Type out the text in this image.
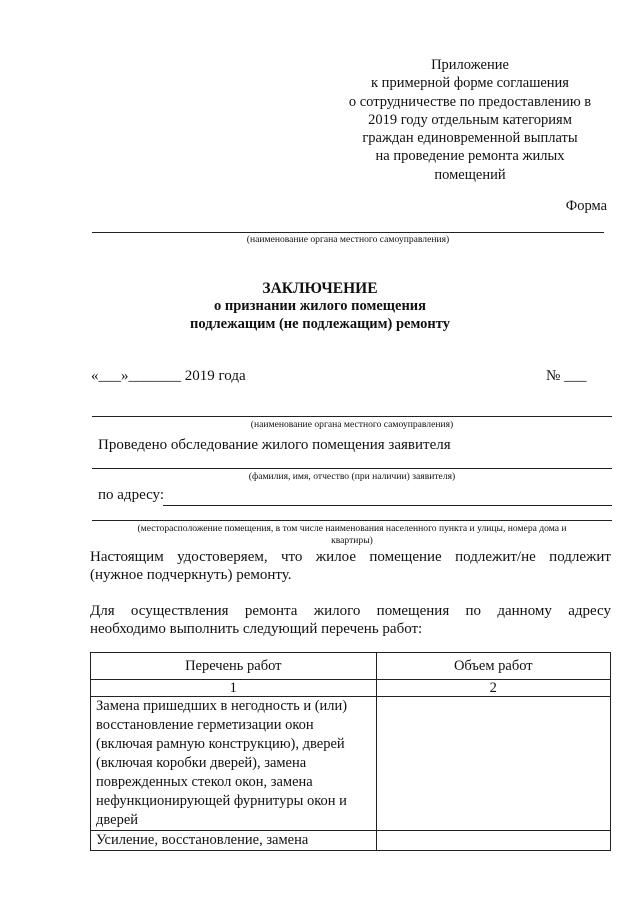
Приложение
к примерной форме соглашения
о сотрудничестве по предоставлению в
2019 году отдельным категориям
граждан единовременной выплаты
на проведение ремонта жилых
помещений
Форма
(наименование органа местного самоуправления)
ЗАКЛЮЧЕНИЕ
о признании жилого помещения
подлежащим (не подлежащим) ремонту
«___»_______ 2019 года	№ ___
(наименование органа местного самоуправления)
Проведено обследование жилого помещения заявителя
(фамилия, имя, отчество (при наличии) заявителя)
по адресу:
(месторасположение помещения, в том числе наименования населенного пункта и улицы, номера дома и
квартиры)
Настоящим удостоверяем, что жилое помещение подлежит/не подлежит
(нужное подчеркнуть) ремонту.
Для осуществления ремонта жилого помещения по данному адресу
необходимо выполнить следующий перечень работ:
Перечень работ	Объем работ
1	2
Замена пришедших в негодность и (или) восстановление герметизации окон (включая рамную конструкцию), дверей (включая коробки дверей), замена поврежденных стекол окон, замена нефункционирующей фурнитуры окон и дверей	
Усиление, восстановление, замена	
